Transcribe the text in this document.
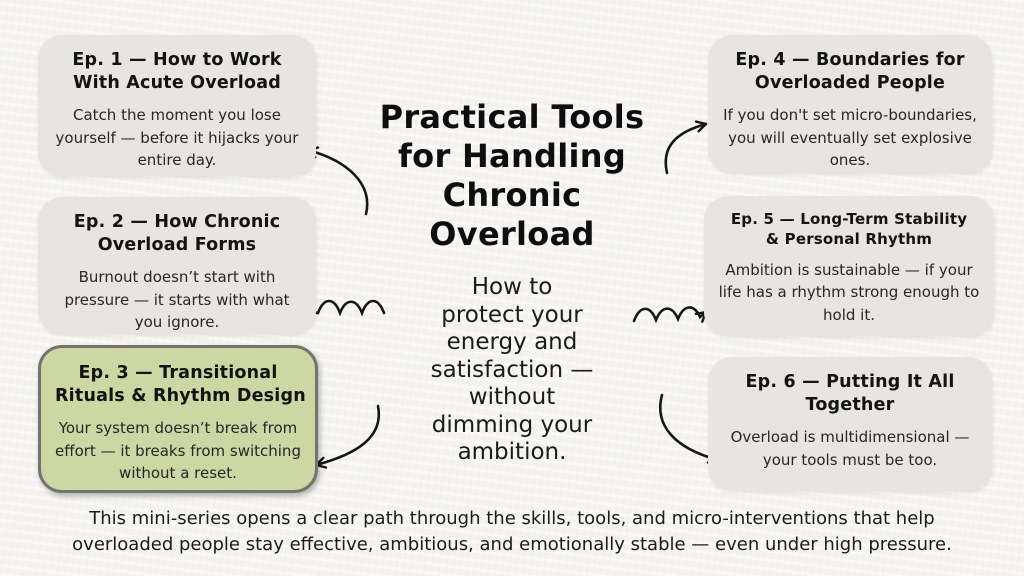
Ep. 1 — How to Work
With Acute Overload
Catch the moment you lose yourself — before it hijacks your entire day.
Ep. 2 — How Chronic
Overload Forms
Burnout doesn’t start with pressure — it starts with what you ignore.
Ep. 3 — Transitional
Rituals & Rhythm Design
Your system doesn’t break from effort — it breaks from switching without a reset.
Ep. 4 — Boundaries for
Overloaded People
If you don't set micro-boundaries, you will eventually set explosive ones.
Ep. 5 — Long-Term Stability
& Personal Rhythm
Ambition is sustainable — if your life has a rhythm strong enough to hold it.
Ep. 6 — Putting It All
Together
Overload is multidimensional — your tools must be too.
Practical Tools
for Handling
Chronic
Overload
How to
protect your
energy and
satisfaction —
without
dimming your
ambition.
This mini-series opens a clear path through the skills, tools, and micro-interventions that help
overloaded people stay effective, ambitious, and emotionally stable — even under high pressure.
